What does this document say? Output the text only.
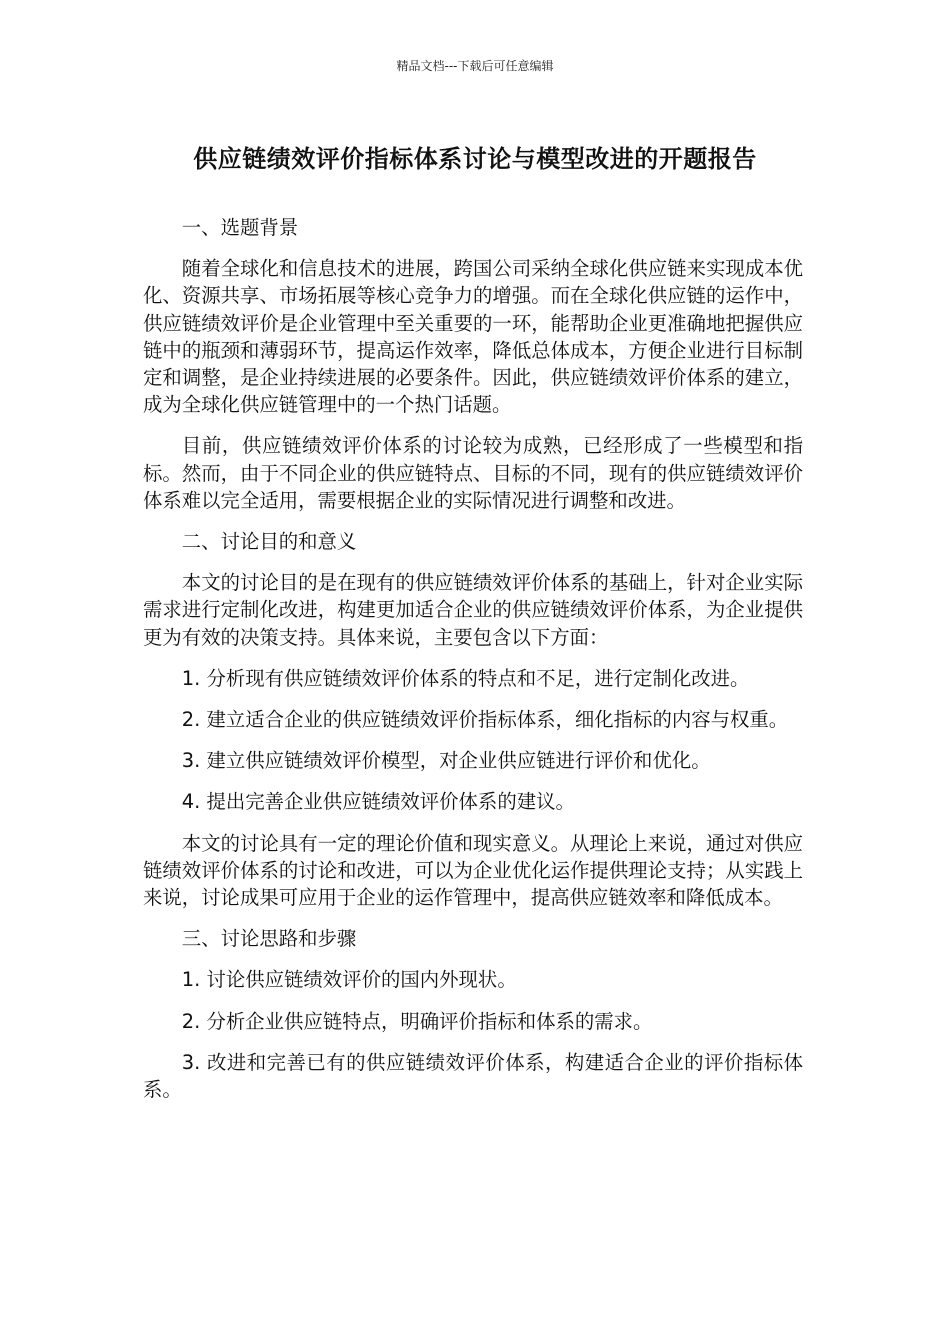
精品文档---下载后可任意编辑
供应链绩效评价指标体系讨论与模型改进的开题报告

一、选题背景

随着全球化和信息技术的进展，跨国公司采纳全球化供应链来实现成本优化、资源共享、市场拓展等核心竞争力的增强。而在全球化供应链的运作中，供应链绩效评价是企业管理中至关重要的一环，能帮助企业更准确地把握供应链中的瓶颈和薄弱环节，提高运作效率，降低总体成本，方便企业进行目标制定和调整，是企业持续进展的必要条件。因此，供应链绩效评价体系的建立，成为全球化供应链管理中的一个热门话题。

目前，供应链绩效评价体系的讨论较为成熟，已经形成了一些模型和指标。然而，由于不同企业的供应链特点、目标的不同，现有的供应链绩效评价体系难以完全适用，需要根据企业的实际情况进行调整和改进。

二、讨论目的和意义

本文的讨论目的是在现有的供应链绩效评价体系的基础上，针对企业实际需求进行定制化改进，构建更加适合企业的供应链绩效评价体系，为企业提供更为有效的决策支持。具体来说，主要包含以下方面：

1. 分析现有供应链绩效评价体系的特点和不足，进行定制化改进。

2. 建立适合企业的供应链绩效评价指标体系，细化指标的内容与权重。

3. 建立供应链绩效评价模型，对企业供应链进行评价和优化。

4. 提出完善企业供应链绩效评价体系的建议。

本文的讨论具有一定的理论价值和现实意义。从理论上来说，通过对供应链绩效评价体系的讨论和改进，可以为企业优化运作提供理论支持；从实践上来说，讨论成果可应用于企业的运作管理中，提高供应链效率和降低成本。

三、讨论思路和步骤

1. 讨论供应链绩效评价的国内外现状。

2. 分析企业供应链特点，明确评价指标和体系的需求。

3. 改进和完善已有的供应链绩效评价体系，构建适合企业的评价指标体系。
